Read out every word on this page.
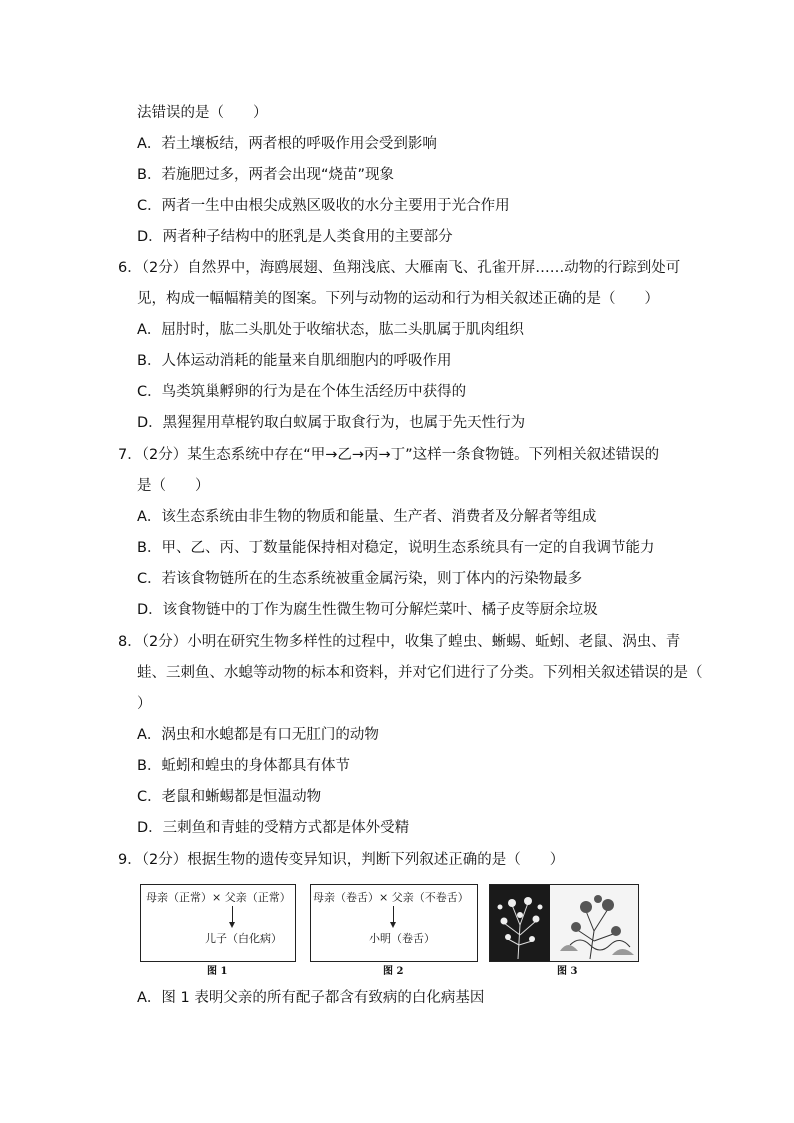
法错误的是（　　）
A．若土壤板结，两者根的呼吸作用会受到影响
B．若施肥过多，两者会出现“烧苗”现象
C．两者一生中由根尖成熟区吸收的水分主要用于光合作用
D．两者种子结构中的胚乳是人类食用的主要部分
6．（2分）自然界中，海鸥展翅、鱼翔浅底、大雁南飞、孔雀开屏……动物的行踪到处可
见，构成一幅幅精美的图案。下列与动物的运动和行为相关叙述正确的是（　　）
A．屈肘时，肱二头肌处于收缩状态，肱二头肌属于肌肉组织
B．人体运动消耗的能量来自肌细胞内的呼吸作用
C．鸟类筑巢孵卵的行为是在个体生活经历中获得的
D．黑猩猩用草棍钓取白蚁属于取食行为，也属于先天性行为
7．（2分）某生态系统中存在“甲→乙→丙→丁”这样一条食物链。下列相关叙述错误的
是（　　）
A．该生态系统由非生物的物质和能量、生产者、消费者及分解者等组成
B．甲、乙、丙、丁数量能保持相对稳定，说明生态系统具有一定的自我调节能力
C．若该食物链所在的生态系统被重金属污染，则丁体内的污染物最多
D．该食物链中的丁作为腐生性微生物可分解烂菜叶、橘子皮等厨余垃圾
8．（2分）小明在研究生物多样性的过程中，收集了蝗虫、蜥蜴、蚯蚓、老鼠、涡虫、青
蛙、三刺鱼、水螅等动物的标本和资料，并对它们进行了分类。下列相关叙述错误的是（
）
A．涡虫和水螅都是有口无肛门的动物
B．蚯蚓和蝗虫的身体都具有体节
C．老鼠和蜥蜴都是恒温动物
D．三刺鱼和青蛙的受精方式都是体外受精
9．（2分）根据生物的遗传变异知识，判断下列叙述正确的是（　　）
母亲（正常）× 父亲（正常）
儿子（白化病）
图 1
母亲（卷舌）× 父亲（不卷舌）
小明（卷舌）
图 2	图 3
A．图 1 表明父亲的所有配子都含有致病的白化病基因
